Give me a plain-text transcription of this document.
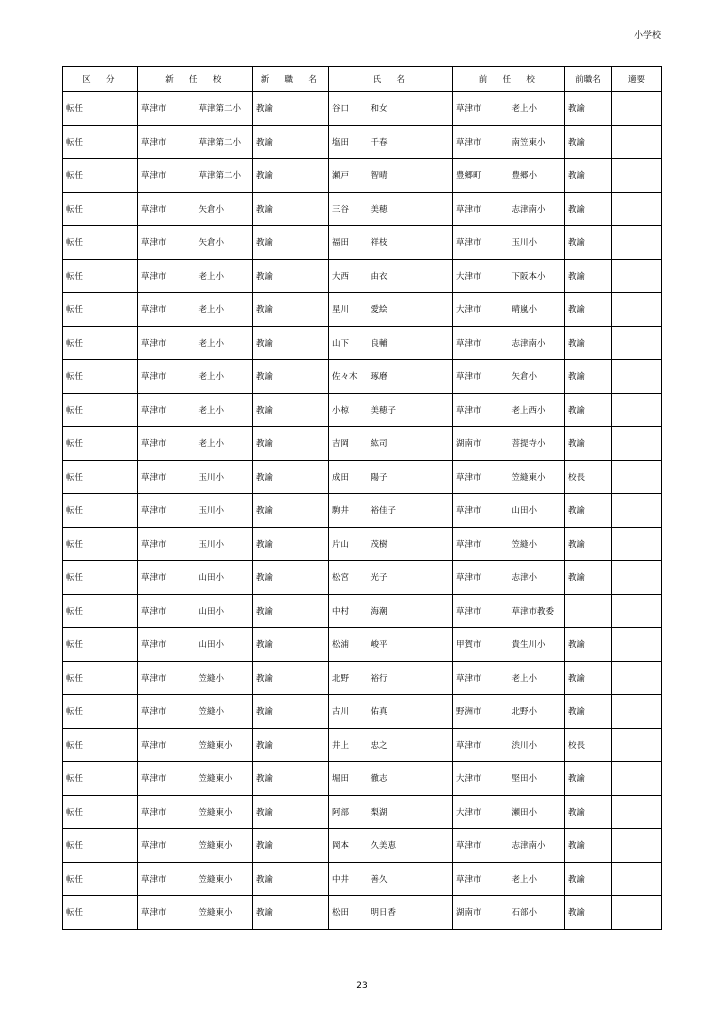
小学校
区　分	新　任　校		新　職　名	氏　名	前　任　校		前職名	適要
転任	草津市	草津第二小	教諭	谷口　 和女	草津市	老上小	教諭	
転任	草津市	草津第二小	教諭	塩田　 千春	草津市	南笠東小	教諭	
転任	草津市	草津第二小	教諭	瀬戸　 智晴	豊郷町	豊郷小	教諭	
転任	草津市	矢倉小	教諭	三谷　 美穂	草津市	志津南小	教諭	
転任	草津市	矢倉小	教諭	福田　 祥枝	草津市	玉川小	教諭	
転任	草津市	老上小	教諭	大西　 由衣	大津市	下阪本小	教諭	
転任	草津市	老上小	教諭	星川　 愛絵	大津市	晴嵐小	教諭	
転任	草津市	老上小	教諭	山下　 良輔	草津市	志津南小	教諭	
転任	草津市	老上小	教諭	佐々木　 琢磨	草津市	矢倉小	教諭	
転任	草津市	老上小	教諭	小椋　 美穂子	草津市	老上西小	教諭	
転任	草津市	老上小	教諭	吉岡　 紘司	湖南市	菩提寺小	教諭	
転任	草津市	玉川小	教諭	成田　 陽子	草津市	笠縫東小	校長	
転任	草津市	玉川小	教諭	駒井　 裕佳子	草津市	山田小	教諭	
転任	草津市	玉川小	教諭	片山　 茂樹	草津市	笠縫小	教諭	
転任	草津市	山田小	教諭	松宮　 光子	草津市	志津小	教諭	
転任	草津市	山田小	教諭	中村　 海潮	草津市	草津市教委		
転任	草津市	山田小	教諭	松浦　 峻平	甲賀市	貴生川小	教諭	
転任	草津市	笠縫小	教諭	北野　 裕行	草津市	老上小	教諭	
転任	草津市	笠縫小	教諭	古川　 佑真	野洲市	北野小	教諭	
転任	草津市	笠縫東小	教諭	井上　 忠之	草津市	渋川小	校長	
転任	草津市	笠縫東小	教諭	堀田　 徹志	大津市	堅田小	教諭	
転任	草津市	笠縫東小	教諭	阿部　 梨湖	大津市	瀬田小	教諭	
転任	草津市	笠縫東小	教諭	岡本　 久美恵	草津市	志津南小	教諭	
転任	草津市	笠縫東小	教諭	中井　 善久	草津市	老上小	教諭	
転任	草津市	笠縫東小	教諭	松田　 明日香	湖南市	石部小	教諭	
23
